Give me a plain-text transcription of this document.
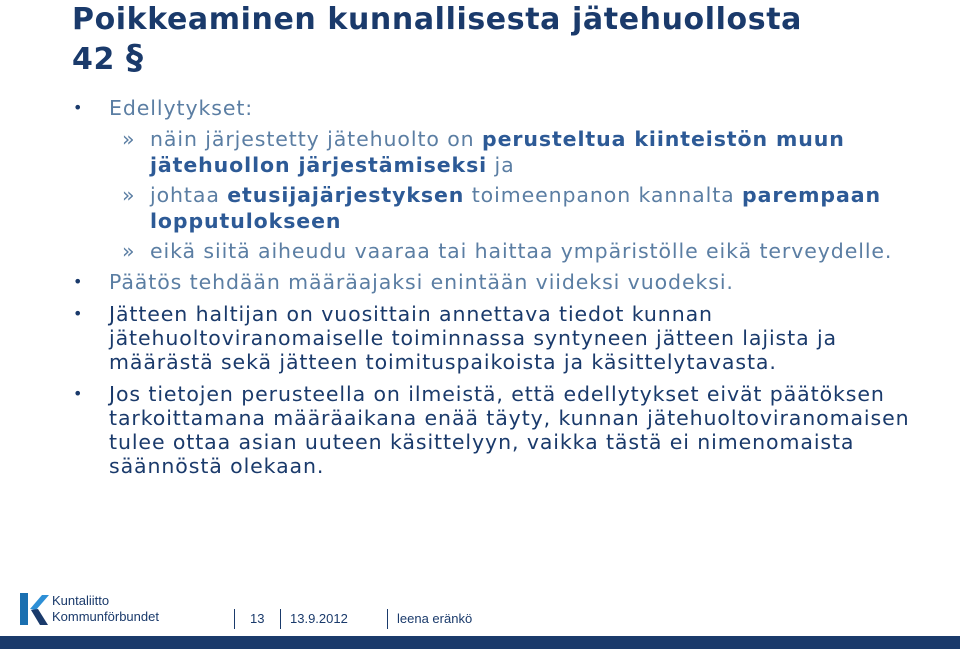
Poikkeaminen kunnallisesta jätehuollosta
42 §
• Edellytykset:
» näin järjestetty jätehuolto on perusteltua kiinteistön muun jätehuollon järjestämiseksi ja
» johtaa etusijajärjestyksen toimeenpanon kannalta parempaan lopputulokseen
» eikä siitä aiheudu vaaraa tai haittaa ympäristölle eikä terveydelle.
• Päätös tehdään määräajaksi enintään viideksi vuodeksi.
• Jätteen haltijan on vuosittain annettava tiedot kunnan jätehuoltoviranomaiselle toiminnassa syntyneen jätteen lajista ja määrästä sekä jätteen toimituspaikoista ja käsittelytavasta.
• Jos tietojen perusteella on ilmeistä, että edellytykset eivät päätöksen tarkoittamana määräaikana enää täyty, kunnan jätehuoltoviranomaisen tulee ottaa asian uuteen käsittelyyn, vaikka tästä ei nimenomaista säännöstä olekaan.
Kuntaliitto
Kommunförbundet	13 13.9.2012	leena eränkö
